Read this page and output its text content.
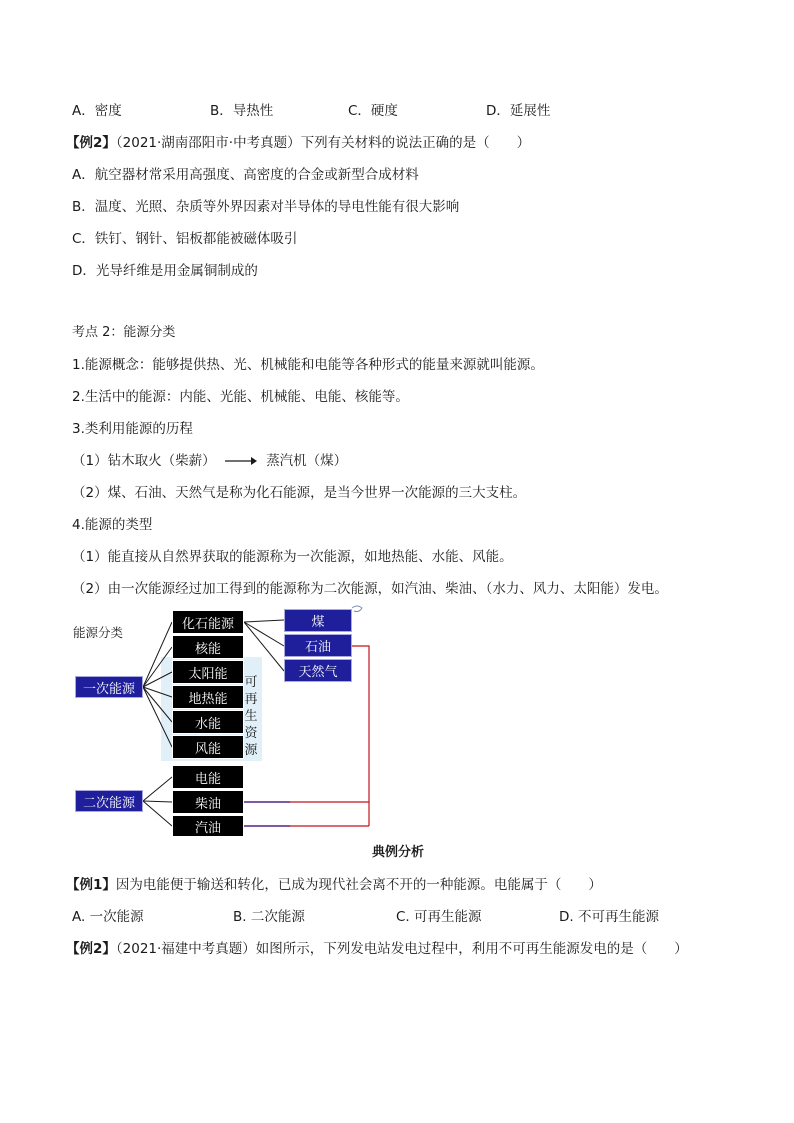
A．密度	B．导热性	C．硬度	D．延展性
【例2】（2021·湖南邵阳市·中考真题）下列有关材料的说法正确的是（　　）
A．航空器材常采用高强度、高密度的合金或新型合成材料
B．温度、光照、杂质等外界因素对半导体的导电性能有很大影响
C．铁钉、钢针、铝板都能被磁体吸引
D．光导纤维是用金属铜制成的
考点 2：能源分类
1.能源概念：能够提供热、光、机械能和电能等各种形式的能量来源就叫能源。
2.生活中的能源：内能、光能、机械能、电能、核能等。
3.类利用能源的历程
（1）钻木取火（柴薪）	蒸汽机（煤）
（2）煤、石油、天然气是称为化石能源，是当今世界一次能源的三大支柱。
4.能源的类型
（1）能直接从自然界获取的能源称为一次能源，如地热能、水能、风能。
（2）由一次能源经过加工得到的能源称为二次能源，如汽油、柴油、（水力、风力、太阳能）发电。
能源分类
可
再
生
资
源
一次能源
二次能源
化石能源
核能
太阳能
地热能
水能
风能
电能
柴油
汽油
煤
石油
天然气
典例分析
【例1】因为电能便于输送和转化，已成为现代社会离不开的一种能源。电能属于（　　）
A. 一次能源	B. 二次能源	C. 可再生能源	D. 不可再生能源
【例2】（2021·福建中考真题）如图所示，下列发电站发电过程中，利用不可再生能源发电的是（　　）
